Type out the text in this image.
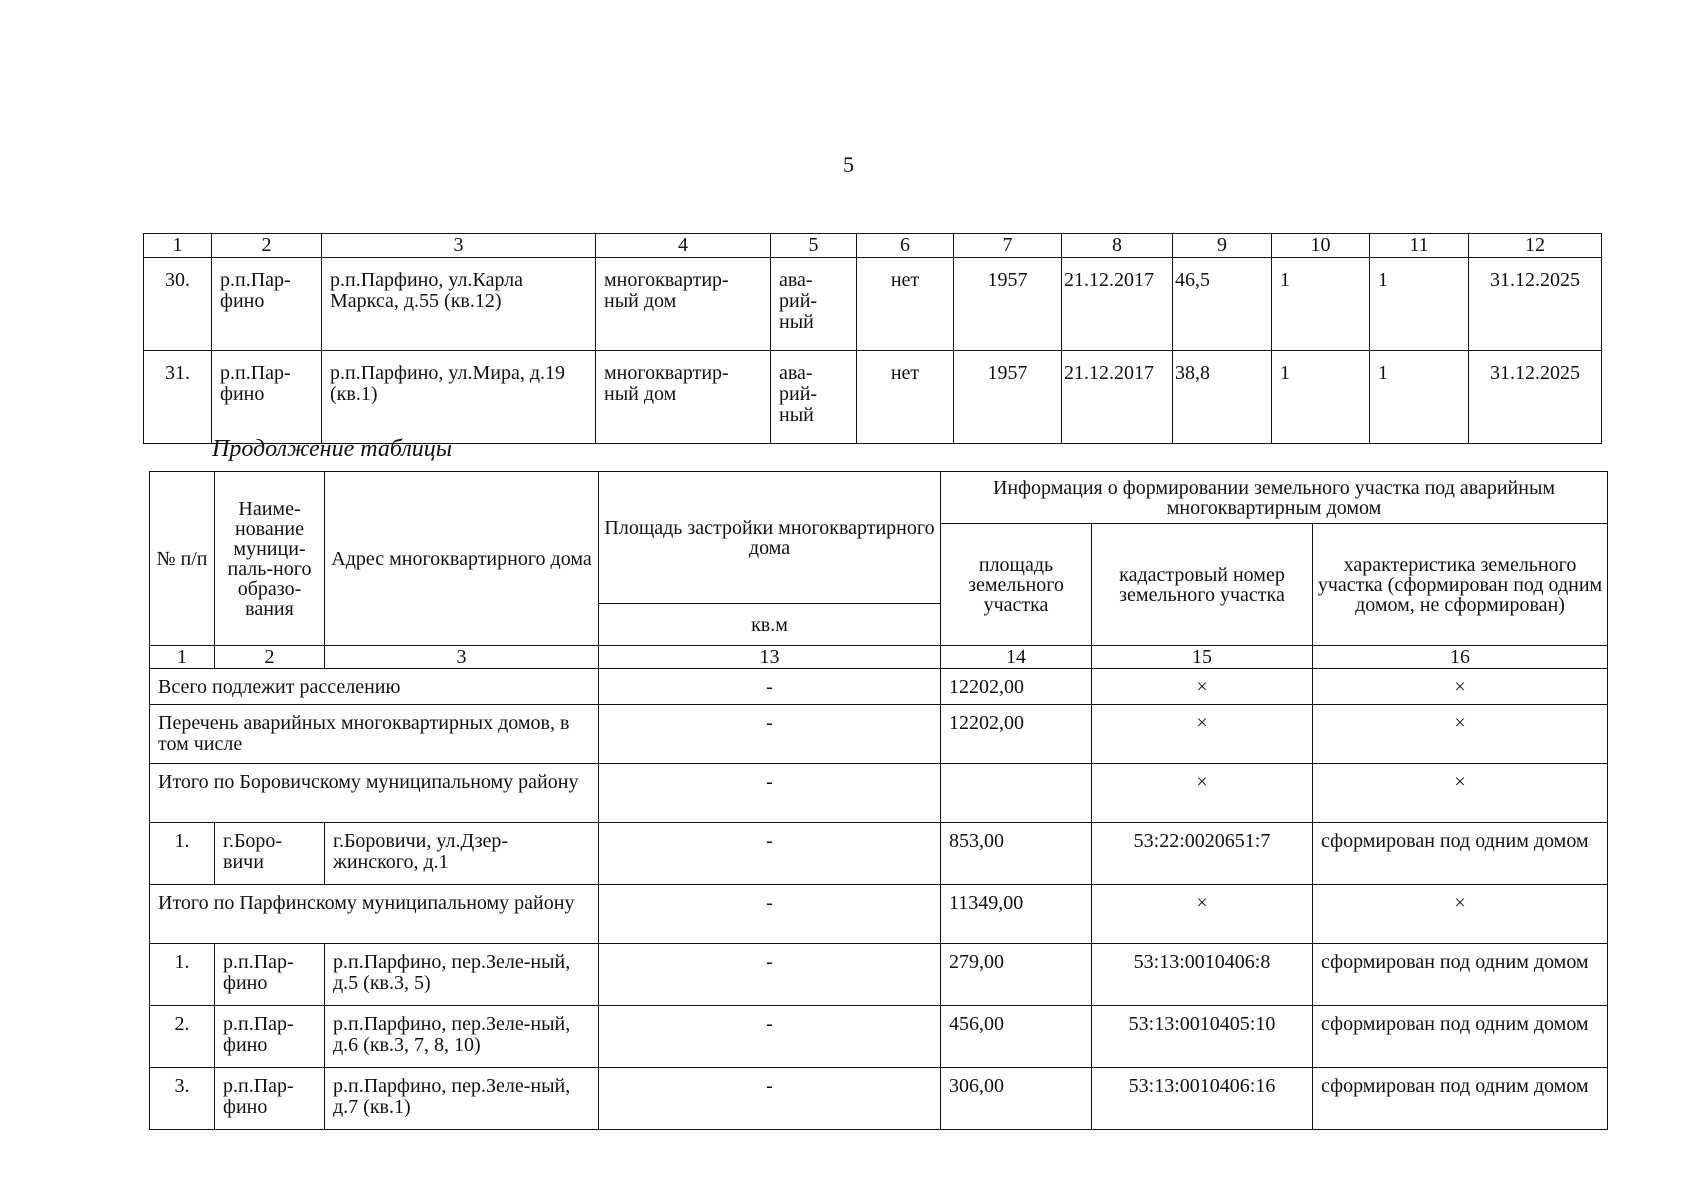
5
1	2	3	4	5	6	7	8	9	10	11	12
30.	р.п.Пар-фино	р.п.Парфино, ул.Карла Маркса, д.55 (кв.12)	многоквартир-ный дом	ава-рий-ный	нет	1957	21.12.2017	46,5	1	1	31.12.2025
31.	р.п.Пар-фино	р.п.Парфино, ул.Мира, д.19 (кв.1)	многоквартир-ный дом	ава-рий-ный	нет	1957	21.12.2017	38,8	1	1	31.12.2025
Продолжение таблицы
№ п/п	Наиме-нование муници-паль-ного образо-вания	Адрес многоквартирного дома	Площадь застройки многоквартирного дома	Информация о формировании земельного участка под аварийным многоквартирным домом		
				площадь земельного участка	кадастровый номер земельного участка	характеристика земельного участка (сформирован под одним домом, не сформирован)
			кв.м			
1	2	3	13	14	15	16
Всего подлежит расселению			-	12202,00	×	×
Перечень аварийных многоквартирных домов, в том числе			-	12202,00	×	×
Итого по Боровичскому муниципальному району			-		×	×
1.	г.Боро-вичи	г.Боровичи, ул.Дзер-жинского, д.1	-	853,00	53:22:0020651:7	сформирован под одним домом
Итого по Парфинскому муниципальному району			-	11349,00	×	×
1.	р.п.Пар-фино	р.п.Парфино, пер.Зеле-ный, д.5 (кв.3, 5)	-	279,00	53:13:0010406:8	сформирован под одним домом
2.	р.п.Пар-фино	р.п.Парфино, пер.Зеле-ный, д.6 (кв.3, 7, 8, 10)	-	456,00	53:13:0010405:10	сформирован под одним домом
3.	р.п.Пар-фино	р.п.Парфино, пер.Зеле-ный, д.7 (кв.1)	-	306,00	53:13:0010406:16	сформирован под одним домом
